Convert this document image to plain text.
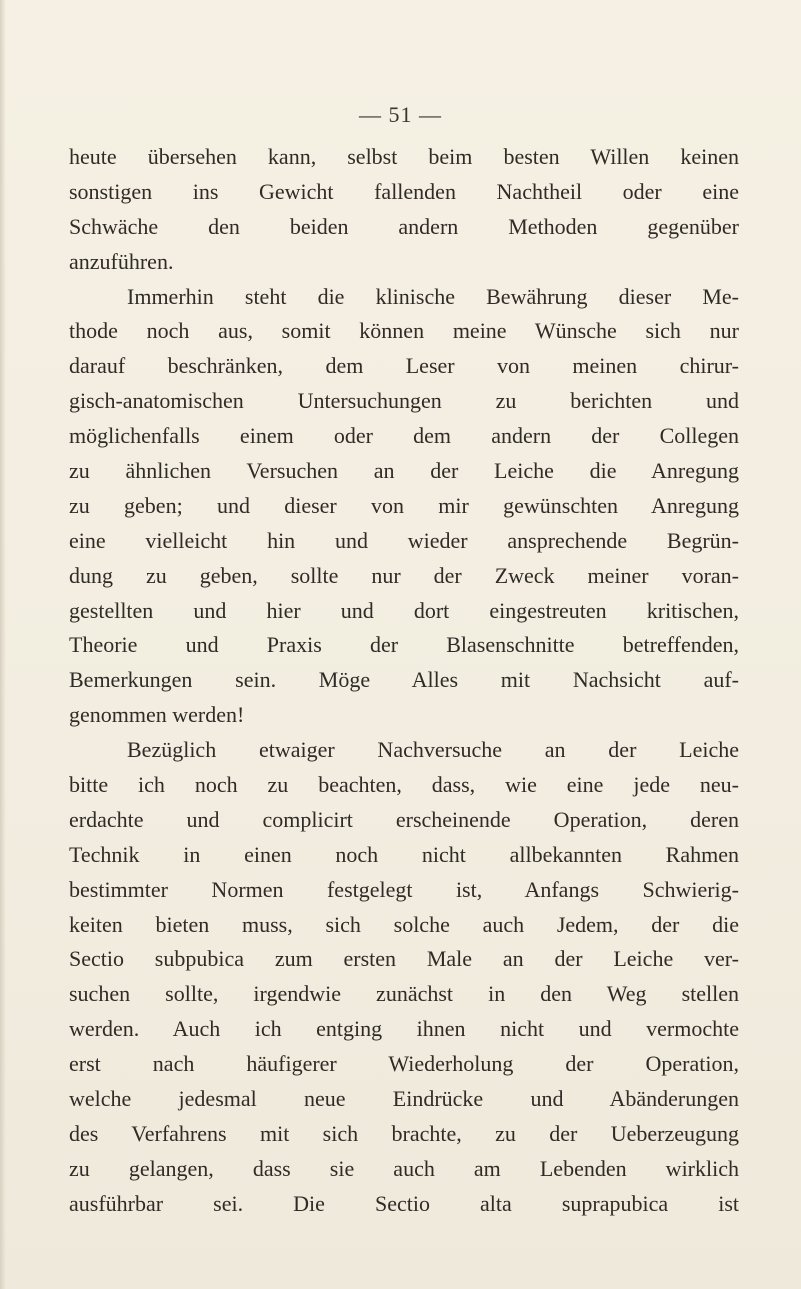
— 51 —
heute übersehen kann, selbst beim besten Willen keinen
sonstigen ins Gewicht fallenden Nachtheil oder eine
Schwäche den beiden andern Methoden gegenüber
anzuführen.
Immerhin steht die klinische Bewährung dieser Me-
thode noch aus, somit können meine Wünsche sich nur
darauf beschränken, dem Leser von meinen chirur-
gisch-anatomischen Untersuchungen zu berichten und
möglichenfalls einem oder dem andern der Collegen
zu ähnlichen Versuchen an der Leiche die Anregung
zu geben; und dieser von mir gewünschten Anregung
eine vielleicht hin und wieder ansprechende Begrün-
dung zu geben, sollte nur der Zweck meiner voran-
gestellten und hier und dort eingestreuten kritischen,
Theorie und Praxis der Blasenschnitte betreffenden,
Bemerkungen sein. Möge Alles mit Nachsicht auf-
genommen werden!
Bezüglich etwaiger Nachversuche an der Leiche
bitte ich noch zu beachten, dass, wie eine jede neu-
erdachte und complicirt erscheinende Operation, deren
Technik in einen noch nicht allbekannten Rahmen
bestimmter Normen festgelegt ist, Anfangs Schwierig-
keiten bieten muss, sich solche auch Jedem, der die
Sectio subpubica zum ersten Male an der Leiche ver-
suchen sollte, irgendwie zunächst in den Weg stellen
werden. Auch ich entging ihnen nicht und vermochte
erst nach häufigerer Wiederholung der Operation,
welche jedesmal neue Eindrücke und Abänderungen
des Verfahrens mit sich brachte, zu der Ueberzeugung
zu gelangen, dass sie auch am Lebenden wirklich
ausführbar sei. Die Sectio alta suprapubica ist
